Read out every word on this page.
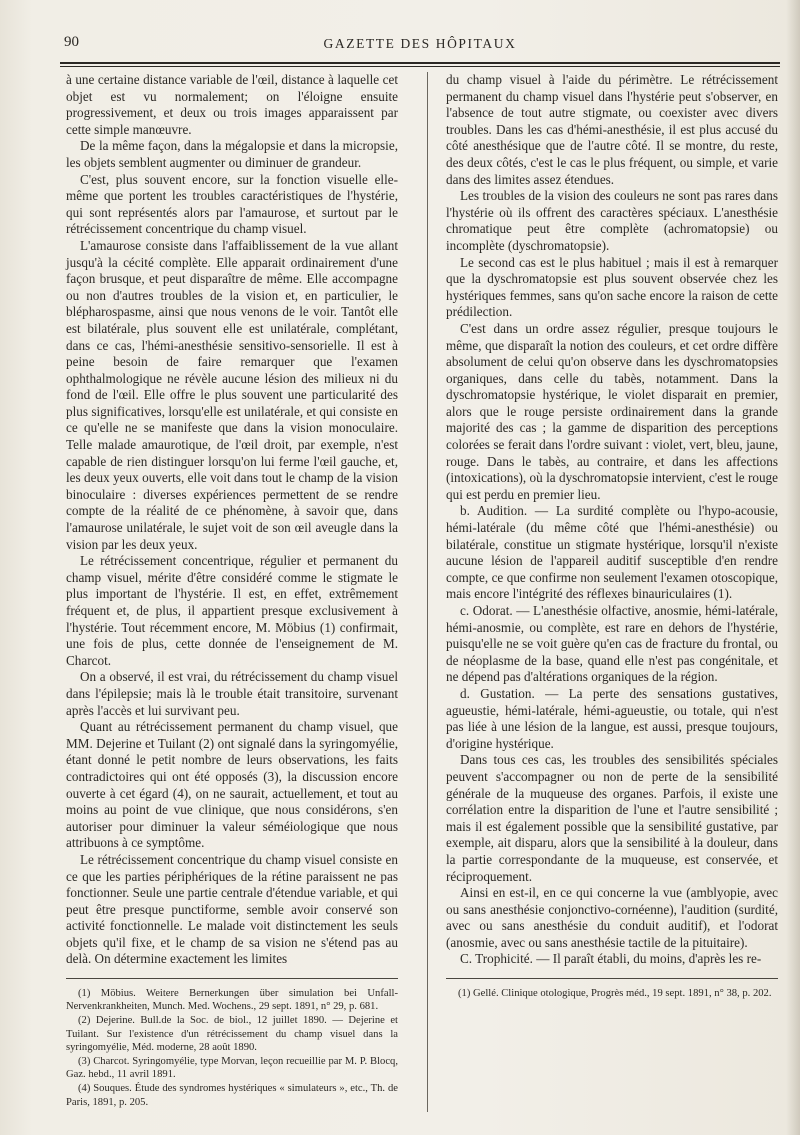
90	GAZETTE DES HÔPITAUX

à une certaine distance variable de l'œil, distance à laquelle cet objet est vu normalement; on l'éloigne ensuite progressivement, et deux ou trois images apparaissent par cette simple manœuvre.

De la même façon, dans la mégalopsie et dans la micropsie, les objets semblent augmenter ou diminuer de grandeur.

C'est, plus souvent encore, sur la fonction visuelle elle-même que portent les troubles caractéristiques de l'hystérie, qui sont représentés alors par l'amaurose, et surtout par le rétrécissement concentrique du champ visuel.

L'amaurose consiste dans l'affaiblissement de la vue allant jusqu'à la cécité complète. Elle apparait ordinairement d'une façon brusque, et peut disparaître de même. Elle accompagne ou non d'autres troubles de la vision et, en particulier, le blépharospasme, ainsi que nous venons de le voir. Tantôt elle est bilatérale, plus souvent elle est unilatérale, complétant, dans ce cas, l'hémi-anesthésie sensitivo-sensorielle. Il est à peine besoin de faire remarquer que l'examen ophthalmologique ne révèle aucune lésion des milieux ni du fond de l'œil. Elle offre le plus souvent une particularité des plus significatives, lorsqu'elle est unilatérale, et qui consiste en ce qu'elle ne se manifeste que dans la vision monoculaire. Telle malade amaurotique, de l'œil droit, par exemple, n'est capable de rien distinguer lorsqu'on lui ferme l'œil gauche, et, les deux yeux ouverts, elle voit dans tout le champ de la vision binoculaire : diverses expériences permettent de se rendre compte de la réalité de ce phénomène, à savoir que, dans l'amaurose unilatérale, le sujet voit de son œil aveugle dans la vision par les deux yeux.

Le rétrécissement concentrique, régulier et permanent du champ visuel, mérite d'être considéré comme le stigmate le plus important de l'hystérie. Il est, en effet, extrêmement fréquent et, de plus, il appartient presque exclusivement à l'hystérie. Tout récemment encore, M. Möbius (1) confirmait, une fois de plus, cette donnée de l'enseignement de M. Charcot.

On a observé, il est vrai, du rétrécissement du champ visuel dans l'épilepsie; mais là le trouble était transitoire, survenant après l'accès et lui survivant peu.

Quant au rétrécissement permanent du champ visuel, que MM. Dejerine et Tuilant (2) ont signalé dans la syringomyélie, étant donné le petit nombre de leurs observations, les faits contradictoires qui ont été opposés (3), la discussion encore ouverte à cet égard (4), on ne saurait, actuellement, et tout au moins au point de vue clinique, que nous considérons, s'en autoriser pour diminuer la valeur séméiologique que nous attribuons à ce symptôme.

Le rétrécissement concentrique du champ visuel consiste en ce que les parties périphériques de la rétine paraissent ne pas fonctionner. Seule une partie centrale d'étendue variable, et qui peut être presque punctiforme, semble avoir conservé son activité fonctionnelle. Le malade voit distinctement les seuls objets qu'il fixe, et le champ de sa vision ne s'étend pas au delà. On détermine exactement les limites

(1) Möbius. Weitere Bernerkungen über simulation bei Unfall-Nervenkrankheiten, Munch. Med. Wochens., 29 sept. 1891, n° 29, p. 681.

(2) Dejerine. Bull.de la Soc. de biol., 12 juillet 1890. — Dejerine et Tuilant. Sur l'existence d'un rétrécissement du champ visuel dans la syringomyélie, Méd. moderne, 28 août 1890.

(3) Charcot. Syringomyélie, type Morvan, leçon recueillie par M. P. Blocq, Gaz. hebd., 11 avril 1891.

(4) Souques. Étude des syndromes hystériques « simulateurs », etc., Th. de Paris, 1891, p. 205.

du champ visuel à l'aide du périmètre. Le rétrécissement permanent du champ visuel dans l'hystérie peut s'observer, en l'absence de tout autre stigmate, ou coexister avec divers troubles. Dans les cas d'hémi-anesthésie, il est plus accusé du côté anesthésique que de l'autre côté. Il se montre, du reste, des deux côtés, c'est le cas le plus fréquent, ou simple, et varie dans des limites assez étendues.

Les troubles de la vision des couleurs ne sont pas rares dans l'hystérie où ils offrent des caractères spéciaux. L'anesthésie chromatique peut être complète (achromatopsie) ou incomplète (dyschromatopsie).

Le second cas est le plus habituel ; mais il est à remarquer que la dyschromatopsie est plus souvent observée chez les hystériques femmes, sans qu'on sache encore la raison de cette prédilection.

C'est dans un ordre assez régulier, presque toujours le même, que disparaît la notion des couleurs, et cet ordre diffère absolument de celui qu'on observe dans les dyschromatopsies organiques, dans celle du tabès, notamment. Dans la dyschromatopsie hystérique, le violet disparait en premier, alors que le rouge persiste ordinairement dans la grande majorité des cas ; la gamme de disparition des perceptions colorées se ferait dans l'ordre suivant : violet, vert, bleu, jaune, rouge. Dans le tabès, au contraire, et dans les affections (intoxications), où la dyschromatopsie intervient, c'est le rouge qui est perdu en premier lieu.

b. Audition. — La surdité complète ou l'hypo-acousie, hémi-latérale (du même côté que l'hémi-anesthésie) ou bilatérale, constitue un stigmate hystérique, lorsqu'il n'existe aucune lésion de l'appareil auditif susceptible d'en rendre compte, ce que confirme non seulement l'examen otoscopique, mais encore l'intégrité des réflexes binauriculaires (1).

c. Odorat. — L'anesthésie olfactive, anosmie, hémi-latérale, hémi-anosmie, ou complète, est rare en dehors de l'hystérie, puisqu'elle ne se voit guère qu'en cas de fracture du frontal, ou de néoplasme de la base, quand elle n'est pas congénitale, et ne dépend pas d'altérations organiques de la région.

d. Gustation. — La perte des sensations gustatives, agueustie, hémi-latérale, hémi-agueustie, ou totale, qui n'est pas liée à une lésion de la langue, est aussi, presque toujours, d'origine hystérique.

Dans tous ces cas, les troubles des sensibilités spéciales peuvent s'accompagner ou non de perte de la sensibilité générale de la muqueuse des organes. Parfois, il existe une corrélation entre la disparition de l'une et l'autre sensibilité ; mais il est également possible que la sensibilité gustative, par exemple, ait disparu, alors que la sensibilité à la douleur, dans la partie correspondante de la muqueuse, est conservée, et réciproquement.

Ainsi en est-il, en ce qui concerne la vue (amblyopie, avec ou sans anesthésie conjonctivo-cornéenne), l'audition (surdité, avec ou sans anesthésie du conduit auditif), et l'odorat (anosmie, avec ou sans anesthésie tactile de la pituitaire).

C. Trophicité. — Il paraît établi, du moins, d'après les re-

(1) Gellé. Clinique otologique, Progrès méd., 19 sept. 1891, n° 38, p. 202.
